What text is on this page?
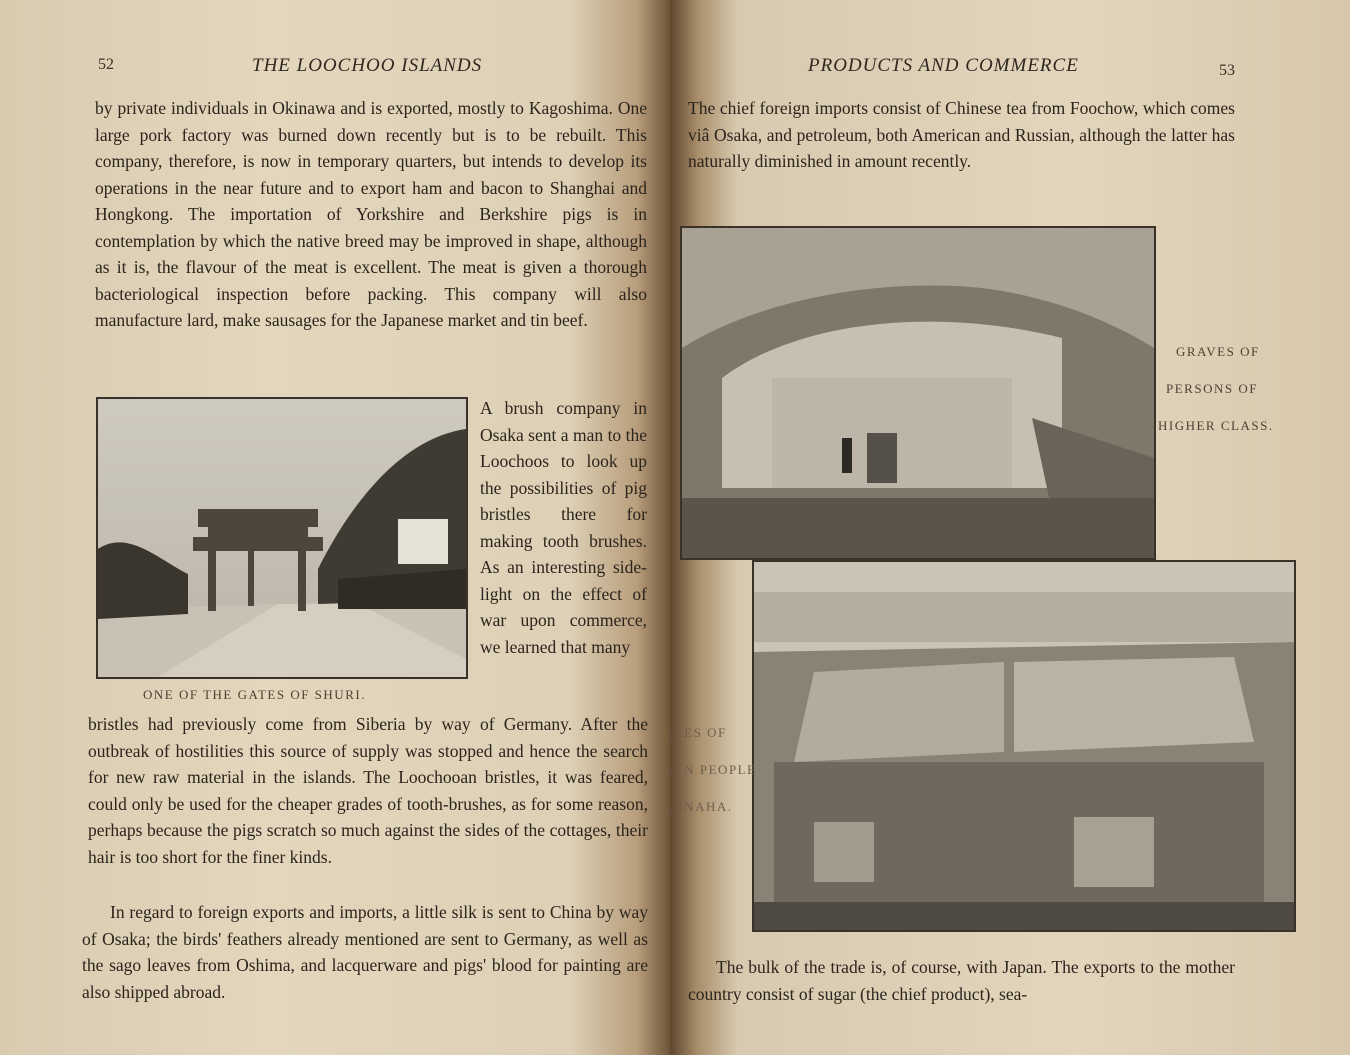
52	THE LOOCHOO ISLANDS

by private individuals in Okinawa and is exported, mostly to Kagoshima. One large pork factory was burned down recently but is to be rebuilt. This company, therefore, is now in temporary quarters, but intends to develop its operations in the near future and to export ham and bacon to Shanghai and Hongkong. The importation of Yorkshire and Berkshire pigs is in contemplation by which the native breed may be improved in shape, although as it is, the flavour of the meat is excellent. The meat is given a thorough bacteriological inspection before packing. This company will also manufacture lard, make sausages for the Japanese market and tin beef.

ONE OF THE GATES OF SHURI.

A brush company in Osaka sent a man to the Loochoos to look up the possibilities of pig bristles there for making tooth brushes. As an interesting side-light on the effect of war upon commerce, we learned that many

bristles had previously come from Siberia by way of Germany. After the outbreak of hostilities this source of supply was stopped and hence the search for new raw material in the islands. The Loochooan bristles, it was feared, could only be used for the cheaper grades of tooth-brushes, as for some reason, perhaps because the pigs scratch so much against the sides of the cottages, their hair is too short for the finer kinds.

In regard to foreign exports and imports, a little silk is sent to China by way of Osaka; the birds' feathers already mentioned are sent to Germany, as well as the sago leaves from Oshima, and lacquerware and pigs' blood for painting are also shipped abroad.

PRODUCTS AND COMMERCE	53

The chief foreign imports consist of Chinese tea from Foochow, which comes viâ Osaka, and petroleum, both American and Russian, although the latter has naturally diminished in amount recently.

GRAVES OF
PERSONS OF
HIGHER CLASS.
...ES OF
...N PEOPLE
...NAHA.

The bulk of the trade is, of course, with Japan. The exports to the mother country consist of sugar (the chief product), sea-
